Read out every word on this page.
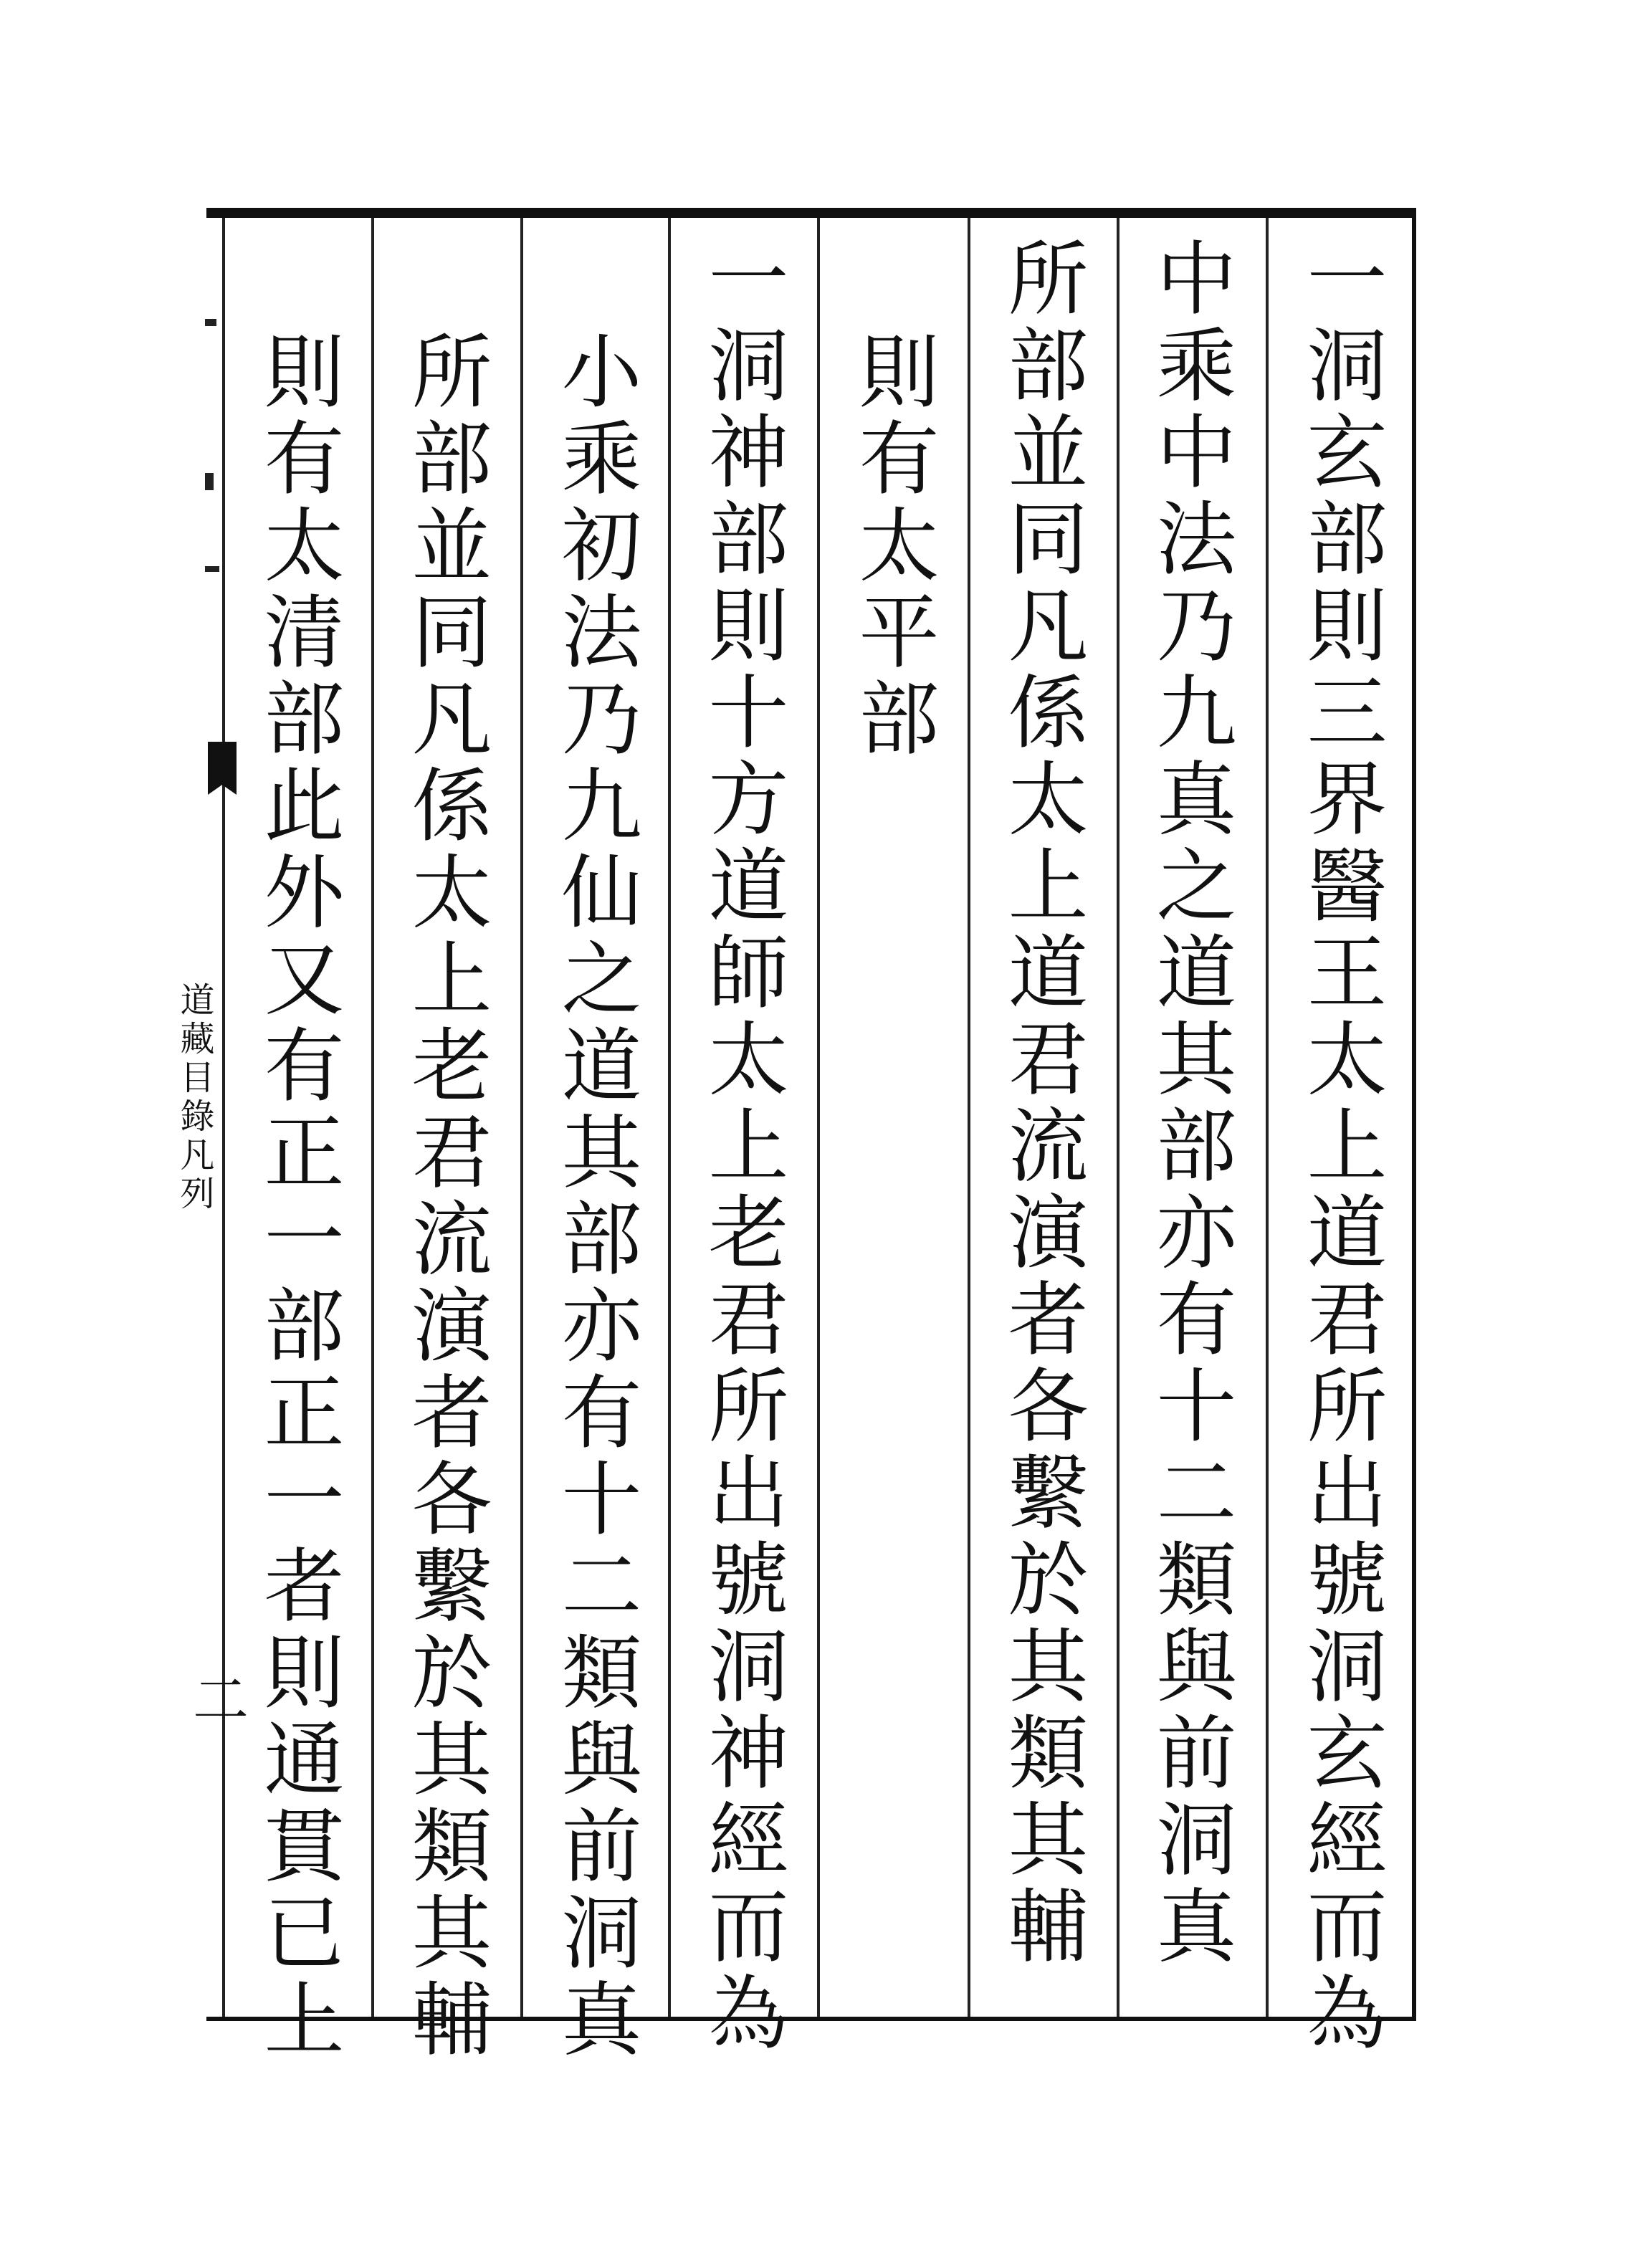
道藏目錄凡列
二	一洞玄部則三界醫王太上道君所出號洞玄經而為
中乘中法乃九真之道其部亦有十二類與前洞真
所部並同凡係太上道君流演者各繫於其類其輔
則有太平部
一洞神部則十方道師太上老君所出號洞神經而為
小乘初法乃九仙之道其部亦有十二類與前洞真
所部並同凡係太上老君流演者各繫於其類其輔
則有太清部此外又有正一部正一者則通貫已上
